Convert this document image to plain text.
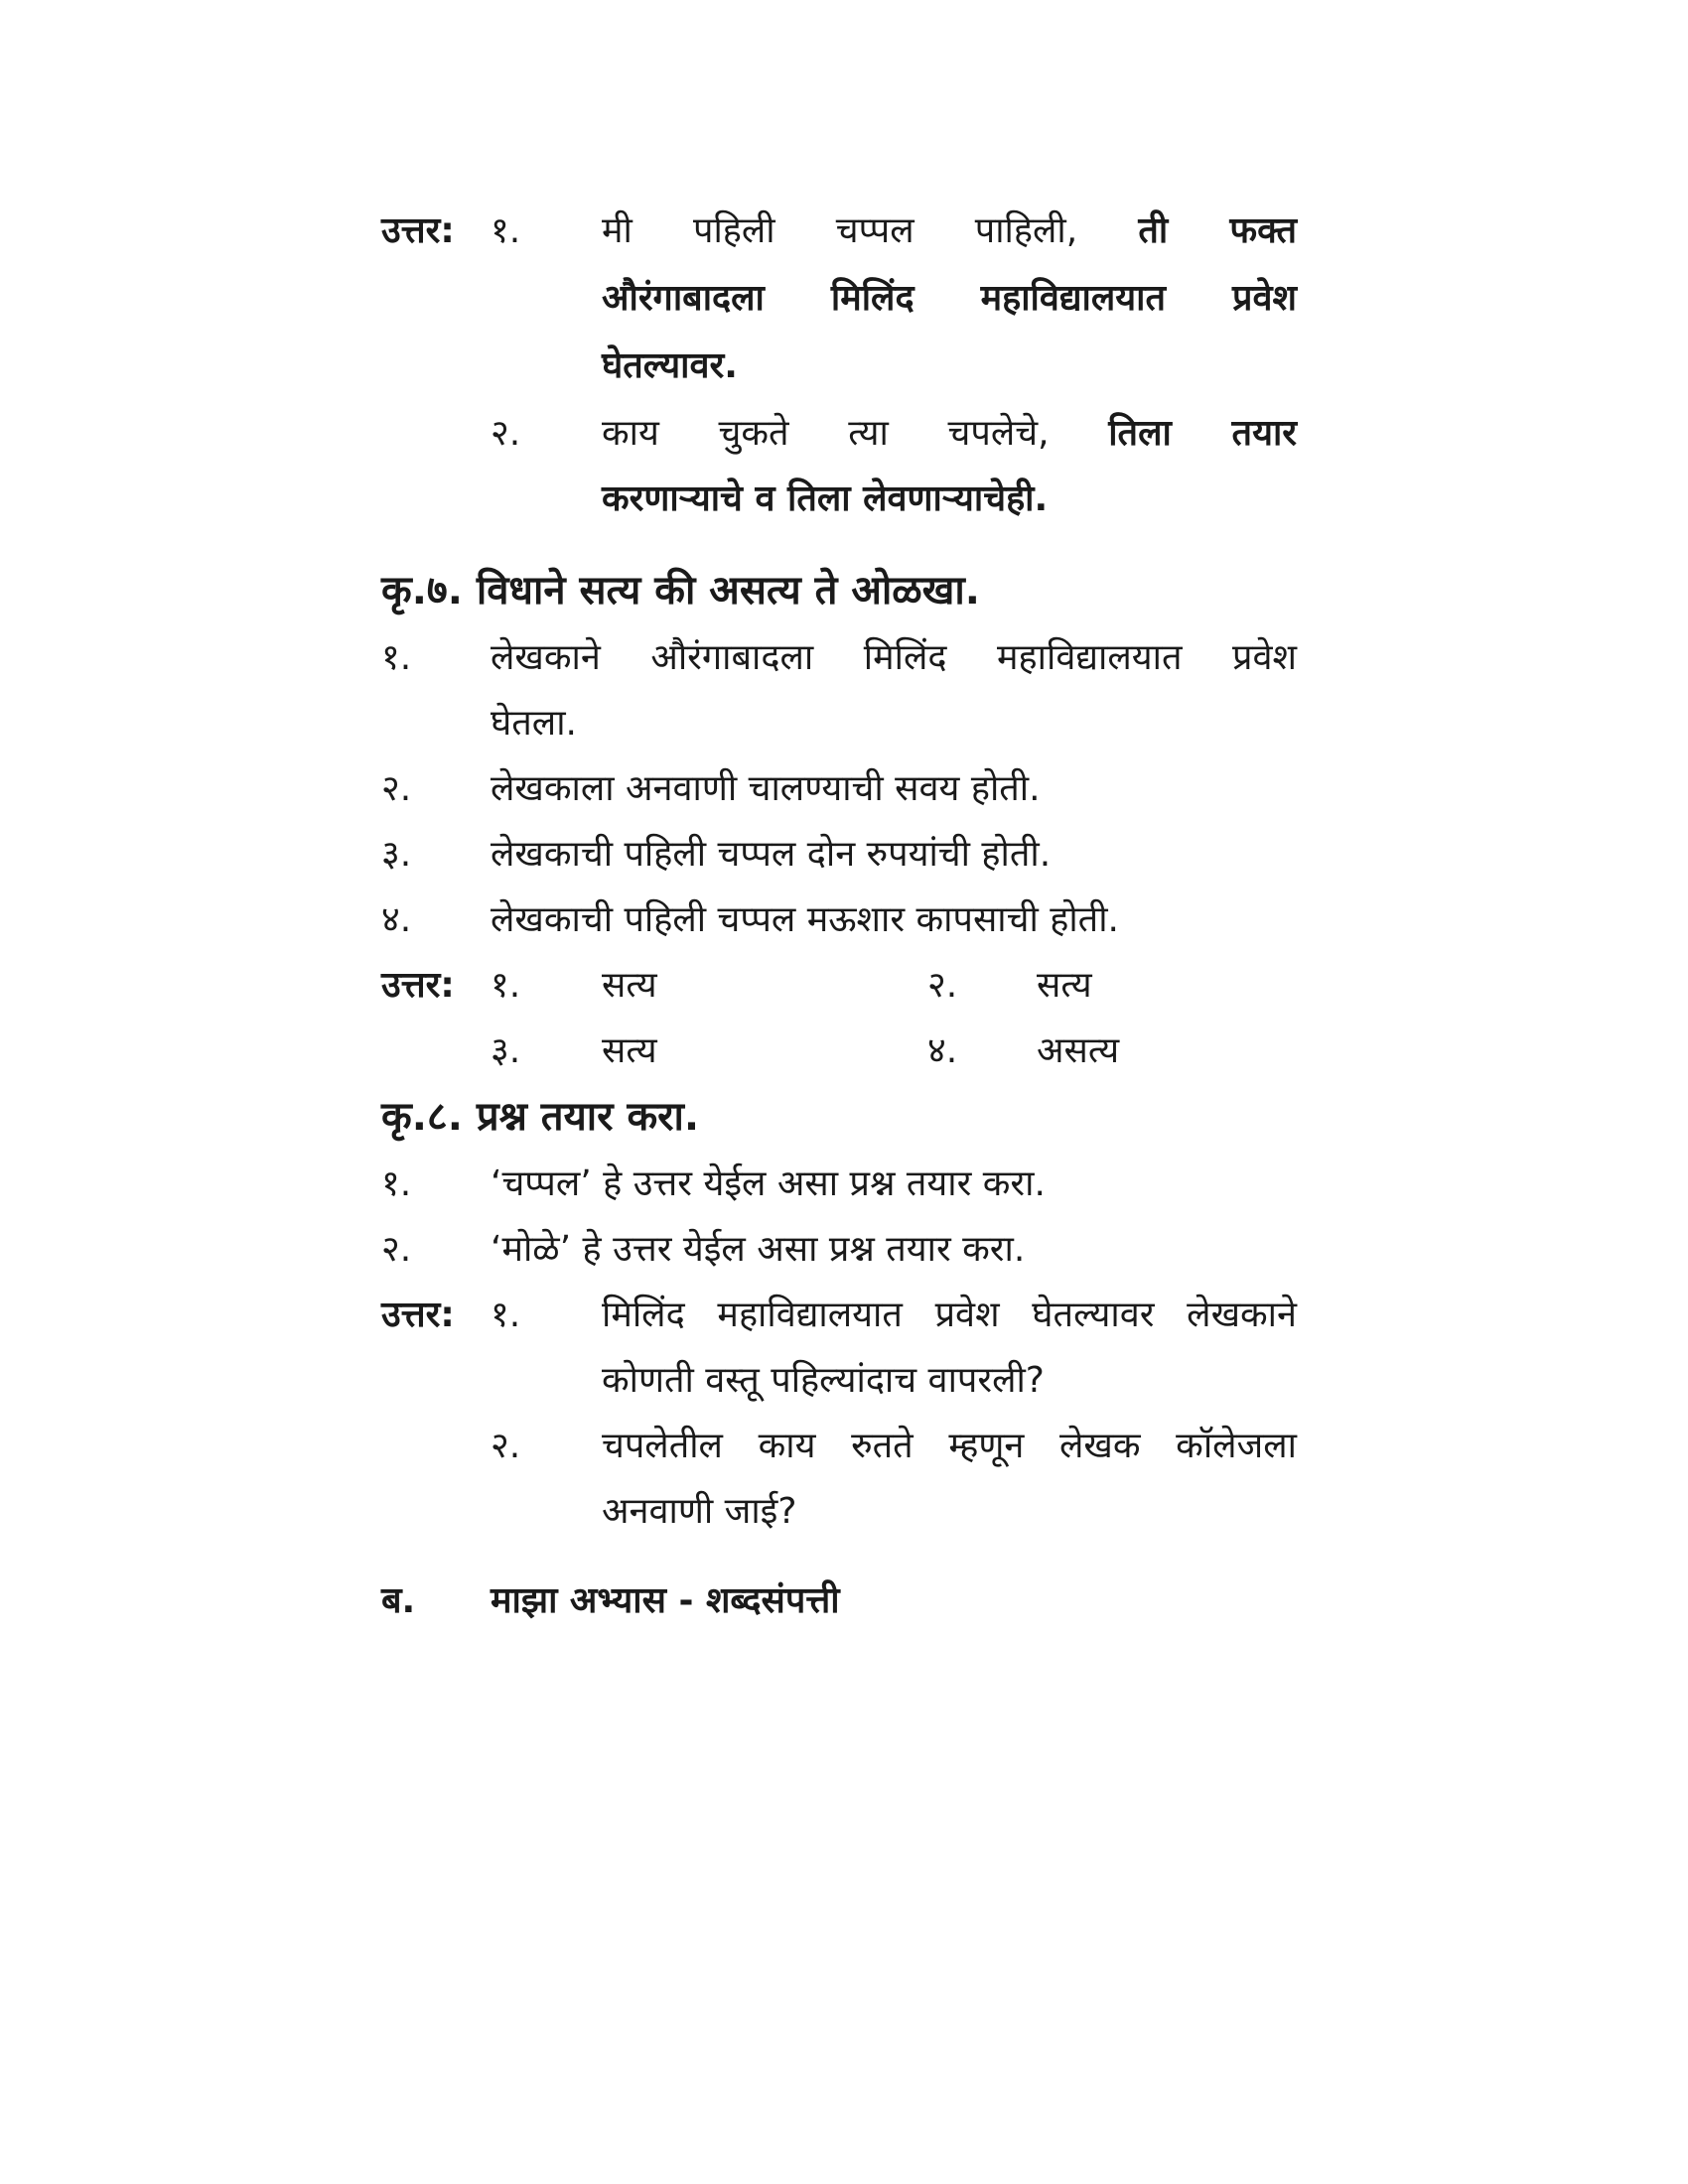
उत्तर: १. मी पहिली चप्पल पाहिली, ती फक्त
औरंगाबादला मिलिंद महाविद्यालयात प्रवेश
घेतल्यावर.
२. काय चुकते त्या चपलेचे, तिला तयार
करणाऱ्याचे व तिला लेवणाऱ्याचेही.
कृ.७. विधाने सत्य की असत्य ते ओळखा.
१. लेखकाने औरंगाबादला मिलिंद महाविद्यालयात प्रवेश
घेतला.
२. लेखकाला अनवाणी चालण्याची सवय होती.
३. लेखकाची पहिली चप्पल दोन रुपयांची होती.
४. लेखकाची पहिली चप्पल मऊशार कापसाची होती.
उत्तर: १. सत्य	२. सत्य
३. सत्य	४. असत्य
कृ.८. प्रश्न तयार करा.
१. ‘चप्पल’ हे उत्तर येईल असा प्रश्न तयार करा.
२. ‘मोळे’ हे उत्तर येईल असा प्रश्न तयार करा.
उत्तर: १. मिलिंद महाविद्यालयात प्रवेश घेतल्यावर लेखकाने
कोणती वस्तू पहिल्यांदाच वापरली?
२. चपलेतील काय रुतते म्हणून लेखक कॉलेजला
अनवाणी जाई?
ब. माझा अभ्यास - शब्दसंपत्ती
